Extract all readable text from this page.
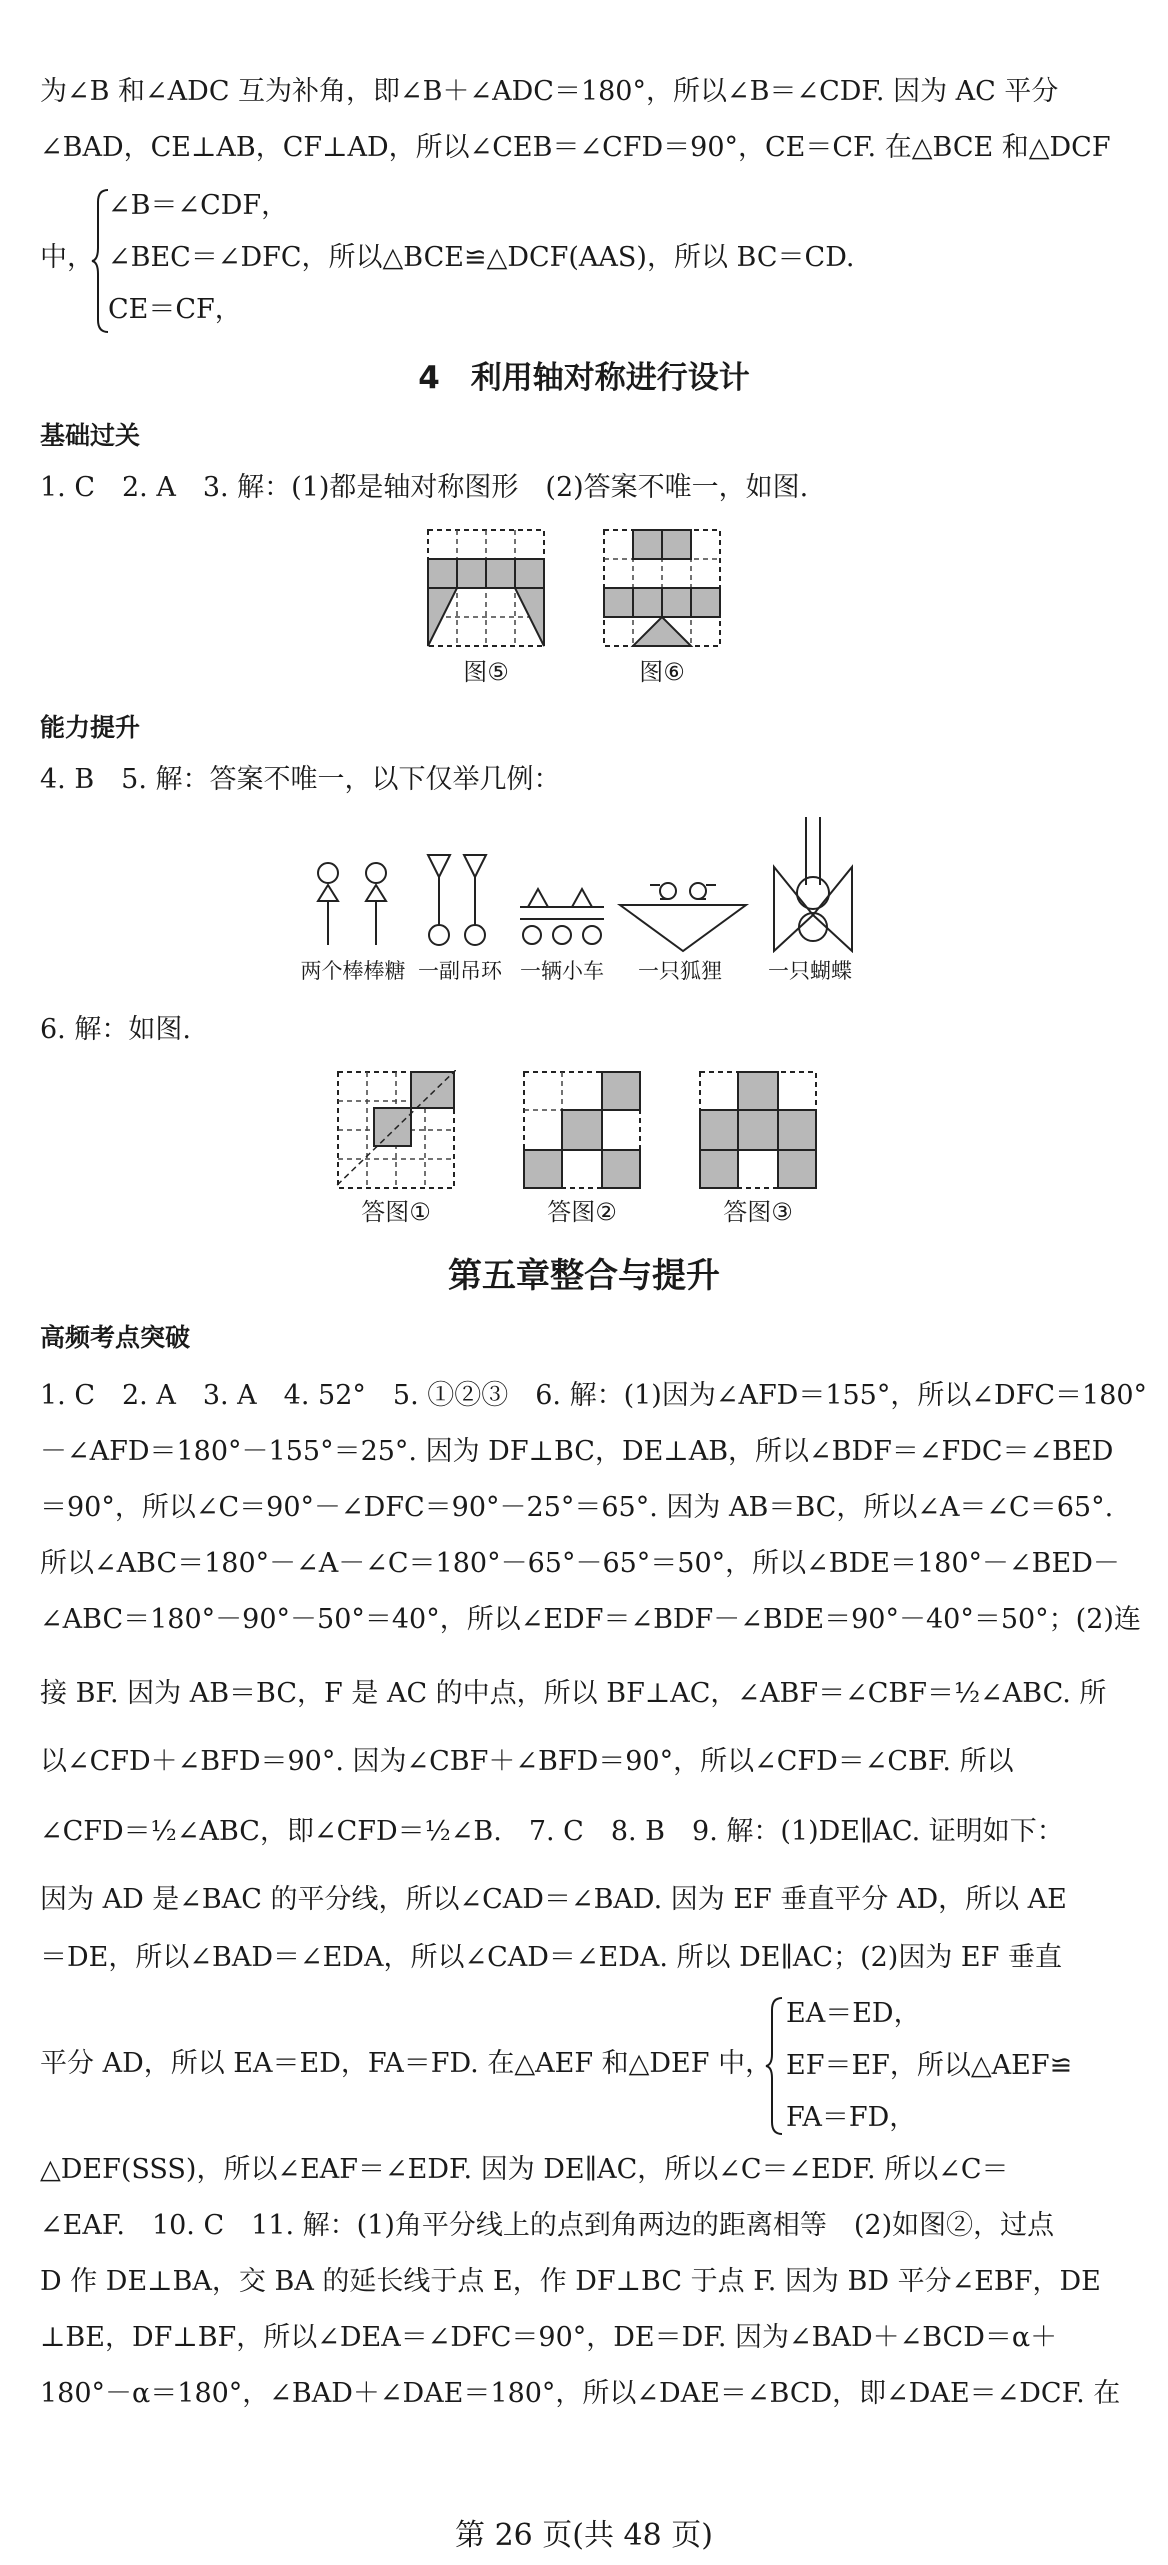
为∠B 和∠ADC 互为补角，即∠B＋∠ADC＝180°，所以∠B＝∠CDF. 因为 AC 平分
∠BAD，CE⊥AB，CF⊥AD，所以∠CEB＝∠CFD＝90°，CE＝CF. 在△BCE 和△DCF
中，
∠B＝∠CDF，
∠BEC＝∠DFC，所以△BCE≌△DCF(AAS)，所以 BC＝CD.
CE＝CF，
4　利用轴对称进行设计
基础过关
1. C　2. A　3. 解：(1)都是轴对称图形　(2)答案不唯一，如图.
图⑤	图⑥
能力提升
4. B　5. 解：答案不唯一，以下仅举几例：
两个棒棒糖 一副吊环 一辆小车	一只狐狸	一只蝴蝶
6. 解：如图.
答图①	答图②	答图③
第五章整合与提升
高频考点突破
1. C　2. A　3. A　4. 52°　5. ①②③　6. 解：(1)因为∠AFD＝155°，所以∠DFC＝180°
－∠AFD＝180°－155°＝25°. 因为 DF⊥BC，DE⊥AB，所以∠BDF＝∠FDC＝∠BED
＝90°，所以∠C＝90°－∠DFC＝90°－25°＝65°. 因为 AB＝BC，所以∠A＝∠C＝65°.
所以∠ABC＝180°－∠A－∠C＝180°－65°－65°＝50°，所以∠BDE＝180°－∠BED－
∠ABC＝180°－90°－50°＝40°，所以∠EDF＝∠BDF－∠BDE＝90°－40°＝50°；(2)连
接 BF. 因为 AB＝BC，F 是 AC 的中点，所以 BF⊥AC，∠ABF＝∠CBF＝½∠ABC. 所
以∠CFD＋∠BFD＝90°. 因为∠CBF＋∠BFD＝90°，所以∠CFD＝∠CBF. 所以
∠CFD＝½∠ABC，即∠CFD＝½∠B.　7. C　8. B　9. 解：(1)DE∥AC. 证明如下：
因为 AD 是∠BAC 的平分线，所以∠CAD＝∠BAD. 因为 EF 垂直平分 AD，所以 AE
＝DE，所以∠BAD＝∠EDA，所以∠CAD＝∠EDA. 所以 DE∥AC；(2)因为 EF 垂直
平分 AD，所以 EA＝ED，FA＝FD. 在△AEF 和△DEF 中，
EA＝ED，
EF＝EF，所以△AEF≌
FA＝FD，
△DEF(SSS)，所以∠EAF＝∠EDF. 因为 DE∥AC，所以∠C＝∠EDF. 所以∠C＝
∠EAF.　10. C　11. 解：(1)角平分线上的点到角两边的距离相等　(2)如图②，过点
D 作 DE⊥BA，交 BA 的延长线于点 E，作 DF⊥BC 于点 F. 因为 BD 平分∠EBF，DE
⊥BE，DF⊥BF，所以∠DEA＝∠DFC＝90°，DE＝DF. 因为∠BAD＋∠BCD＝α＋
180°－α＝180°，∠BAD＋∠DAE＝180°，所以∠DAE＝∠BCD，即∠DAE＝∠DCF. 在
第 26 页(共 48 页)
